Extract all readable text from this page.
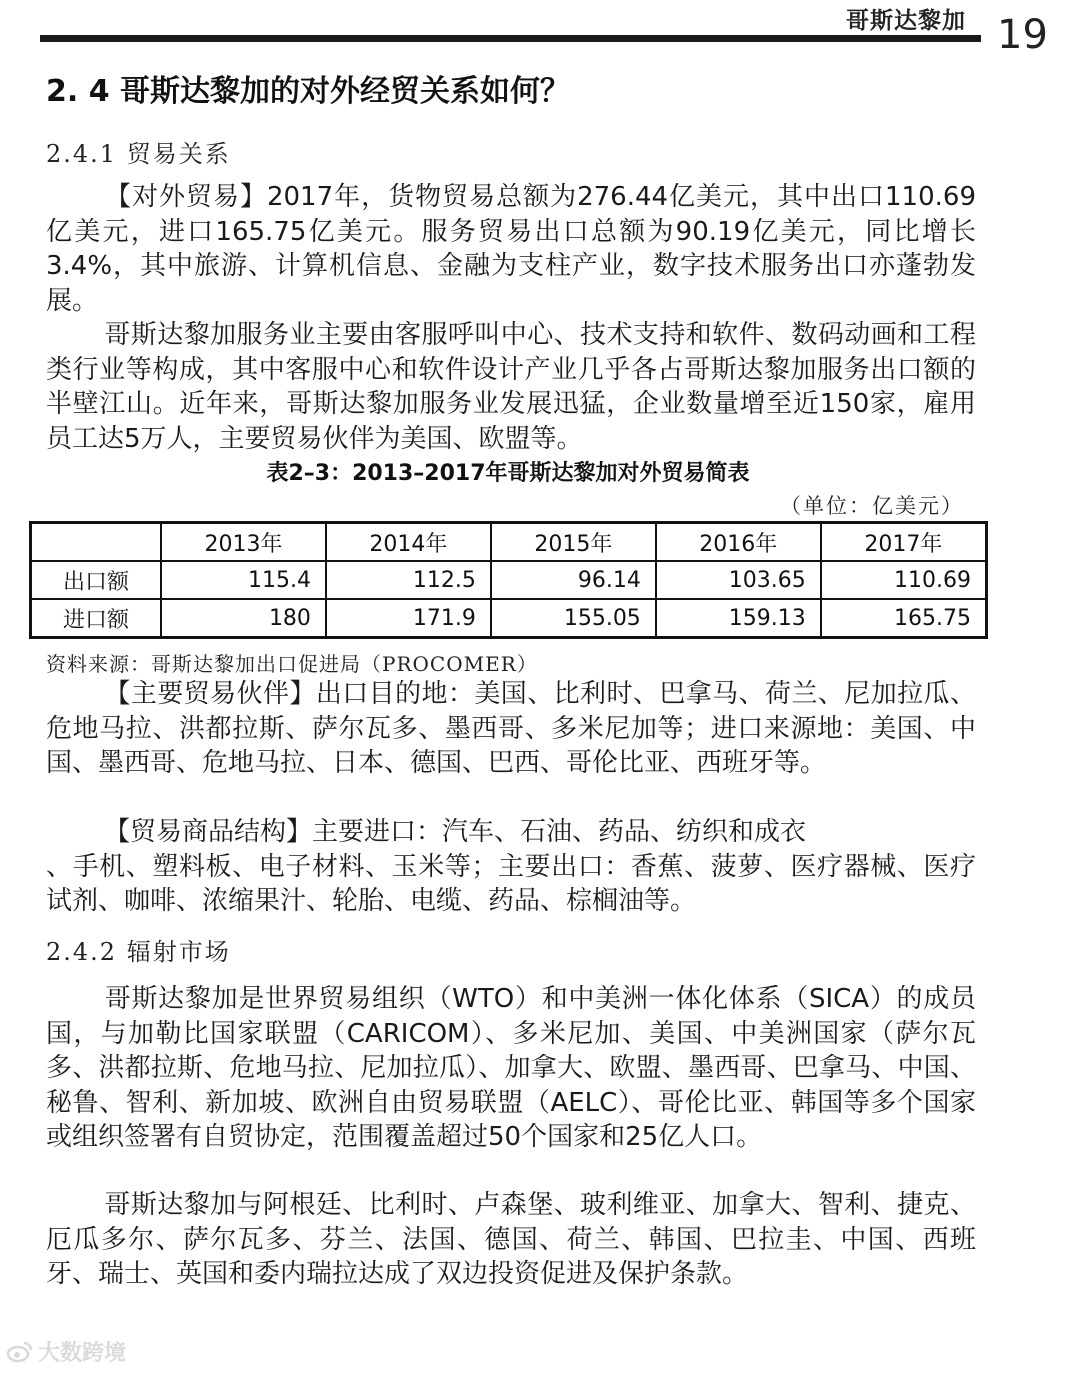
哥斯达黎加 19
2. 4 哥斯达黎加的对外经贸关系如何？
2.4.1 贸易关系

【对外贸易】2017年，货物贸易总额为276.44亿美元，其中出口110.69亿美元，进口165.75亿美元。服务贸易出口总额为90.19亿美元，同比增长3.4%，其中旅游、计算机信息、金融为支柱产业，数字技术服务出口亦蓬勃发展。

哥斯达黎加服务业主要由客服呼叫中心、技术支持和软件、数码动画和工程类行业等构成，其中客服中心和软件设计产业几乎各占哥斯达黎加服务出口额的半壁江山。近年来，哥斯达黎加服务业发展迅猛，企业数量增至近150家，雇用员工达5万人，主要贸易伙伴为美国、欧盟等。

表2–3：2013–2017年哥斯达黎加对外贸易简表
（单位：亿美元）
	2013年	2014年	2015年	2016年	2017年
出口额	115.4	112.5	96.14	103.65	110.69
进口额	180	171.9	155.05	159.13	165.75
资料来源：哥斯达黎加出口促进局（PROCOMER）

【主要贸易伙伴】出口目的地：美国、比利时、巴拿马、荷兰、尼加拉瓜、危地马拉、洪都拉斯、萨尔瓦多、墨西哥、多米尼加等；进口来源地：美国、中国、墨西哥、危地马拉、日本、德国、巴西、哥伦比亚、西班牙等。

【贸易商品结构】主要进口：汽车、石油、药品、纺织和成衣
、手机、塑料板、电子材料、玉米等；主要出口：香蕉、菠萝、医疗器械、医疗试剂、咖啡、浓缩果汁、轮胎、电缆、药品、棕榈油等。

2.4.2 辐射市场

哥斯达黎加是世界贸易组织（WTO）和中美洲一体化体系（SICA）的成员国，与加勒比国家联盟（CARICOM）、多米尼加、美国、中美洲国家（萨尔瓦多、洪都拉斯、危地马拉、尼加拉瓜）、加拿大、欧盟、墨西哥、巴拿马、中国、秘鲁、智利、新加坡、欧洲自由贸易联盟（AELC）、哥伦比亚、韩国等多个国家或组织签署有自贸协定，范围覆盖超过50个国家和25亿人口。

哥斯达黎加与阿根廷、比利时、卢森堡、玻利维亚、加拿大、智利、捷克、厄瓜多尔、萨尔瓦多、芬兰、法国、德国、荷兰、韩国、巴拉圭、中国、西班牙、瑞士、英国和委内瑞拉达成了双边投资促进及保护条款。

大数跨境
